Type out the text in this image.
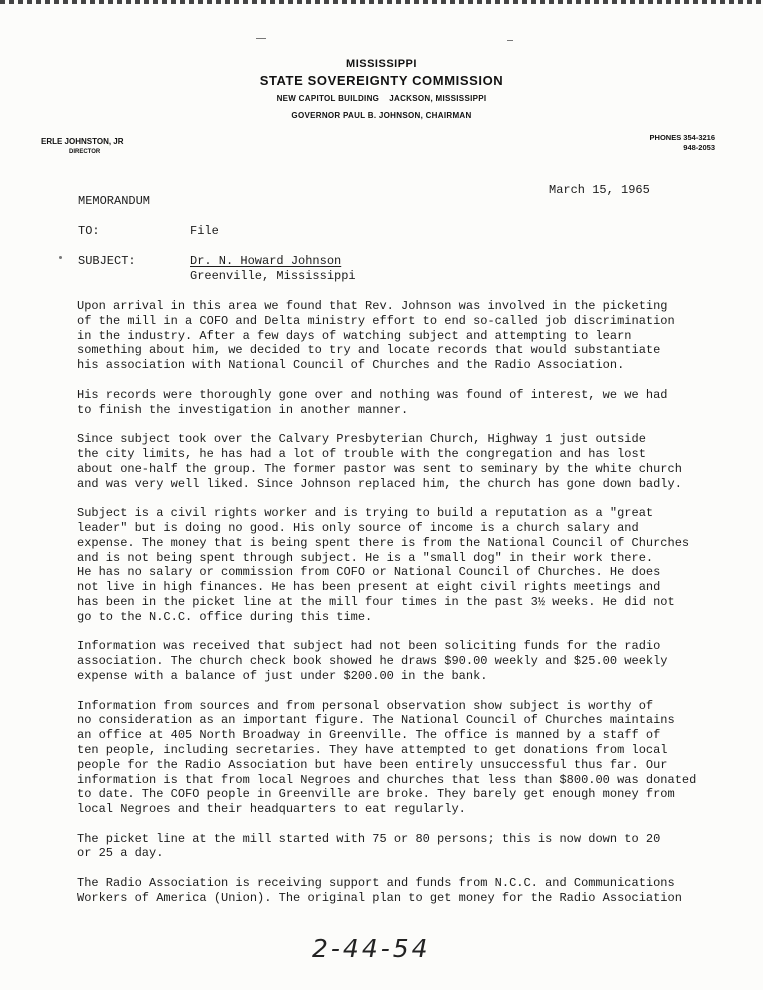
MISSISSIPPI
STATE SOVEREIGNTY COMMISSION
NEW CAPITOL BUILDING JACKSON, MISSISSIPPI
GOVERNOR PAUL B. JOHNSON, CHAIRMAN
ERLE JOHNSTON, JR
DIRECTOR
PHONES 354-3216
948-2053
March 15, 1965
MEMORANDUM
TO:	File
SUBJECT:	Dr. N. Howard Johnson
Greenville, Mississippi

Upon arrival in this area we found that Rev. Johnson was involved in the picketing
of the mill in a COFO and Delta ministry effort to end so-called job discrimination
in the industry. After a few days of watching subject and attempting to learn
something about him, we decided to try and locate records that would substantiate
his association with National Council of Churches and the Radio Association.

His records were thoroughly gone over and nothing was found of interest, we we had
to finish the investigation in another manner.

Since subject took over the Calvary Presbyterian Church, Highway 1 just outside
the city limits, he has had a lot of trouble with the congregation and has lost
about one-half the group. The former pastor was sent to seminary by the white church
and was very well liked. Since Johnson replaced him, the church has gone down badly.

Subject is a civil rights worker and is trying to build a reputation as a "great
leader" but is doing no good. His only source of income is a church salary and
expense. The money that is being spent there is from the National Council of Churches
and is not being spent through subject. He is a "small dog" in their work there.
He has no salary or commission from COFO or National Council of Churches. He does
not live in high finances. He has been present at eight civil rights meetings and
has been in the picket line at the mill four times in the past 3½ weeks. He did not
go to the N.C.C. office during this time.

Information was received that subject had not been soliciting funds for the radio
association. The church check book showed he draws $90.00 weekly and $25.00 weekly
expense with a balance of just under $200.00 in the bank.

Information from sources and from personal observation show subject is worthy of
no consideration as an important figure. The National Council of Churches maintains
an office at 405 North Broadway in Greenville. The office is manned by a staff of
ten people, including secretaries. They have attempted to get donations from local
people for the Radio Association but have been entirely unsuccessful thus far. Our
information is that from local Negroes and churches that less than $800.00 was donated
to date. The COFO people in Greenville are broke. They barely get enough money from
local Negroes and their headquarters to eat regularly.

The picket line at the mill started with 75 or 80 persons; this is now down to 20
or 25 a day.

The Radio Association is receiving support and funds from N.C.C. and Communications
Workers of America (Union). The original plan to get money for the Radio Association

2-44-54
